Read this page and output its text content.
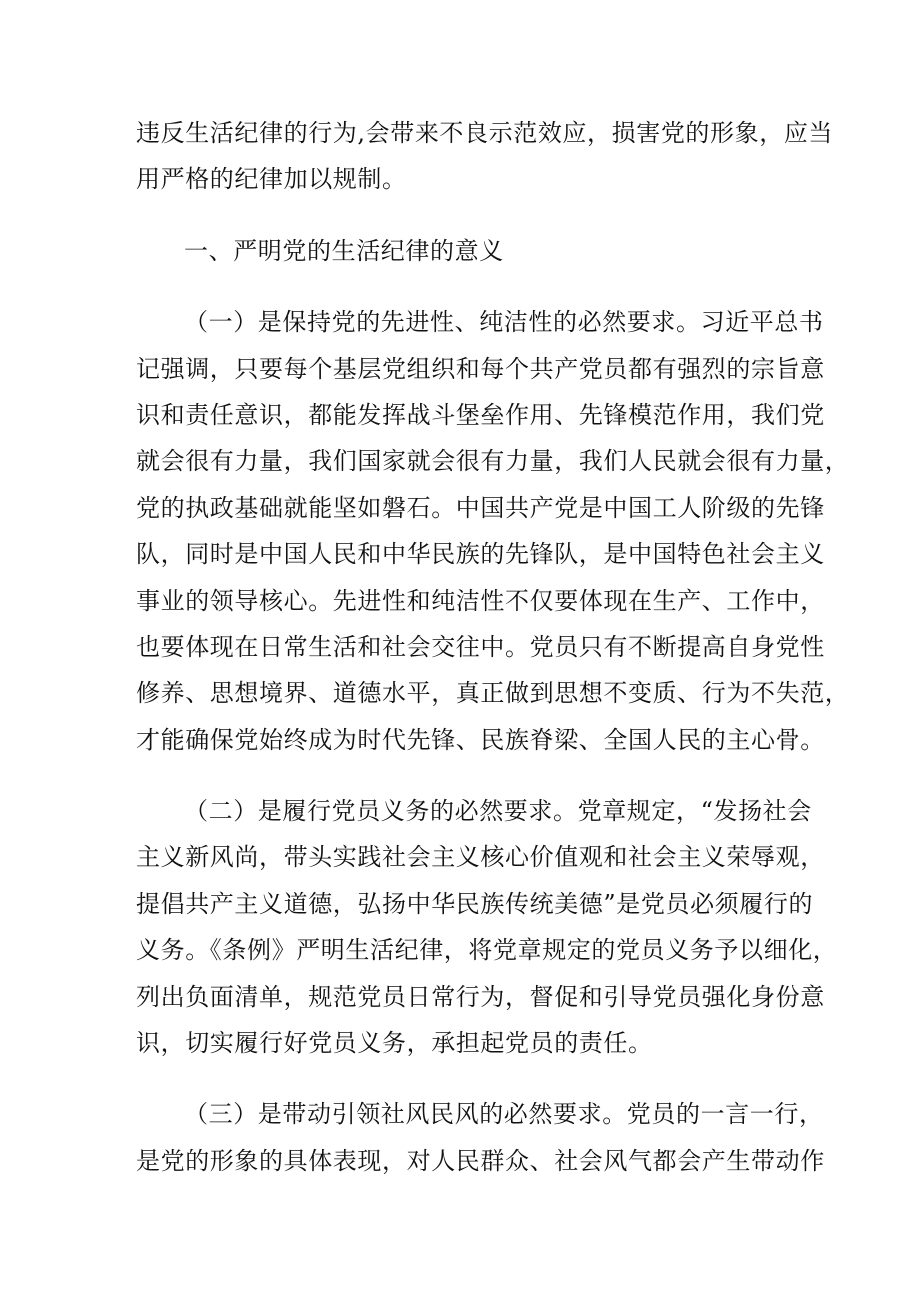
违反生活纪律的行为,会带来不良示范效应，损害党的形象，应当
用严格的纪律加以规制。
一、严明党的生活纪律的意义
（一）是保持党的先进性、纯洁性的必然要求。习近平总书
记强调，只要每个基层党组织和每个共产党员都有强烈的宗旨意
识和责任意识，都能发挥战斗堡垒作用、先锋模范作用，我们党
就会很有力量，我们国家就会很有力量，我们人民就会很有力量，
党的执政基础就能坚如磐石。中国共产党是中国工人阶级的先锋
队，同时是中国人民和中华民族的先锋队，是中国特色社会主义
事业的领导核心。先进性和纯洁性不仅要体现在生产、工作中，
也要体现在日常生活和社会交往中。党员只有不断提高自身党性
修养、思想境界、道德水平，真正做到思想不变质、行为不失范，
才能确保党始终成为时代先锋、民族脊梁、全国人民的主心骨。
（二）是履行党员义务的必然要求。党章规定，“发扬社会
主义新风尚，带头实践社会主义核心价值观和社会主义荣辱观，
提倡共产主义道德，弘扬中华民族传统美德”是党员必须履行的
义务。《条例》严明生活纪律，将党章规定的党员义务予以细化，
列出负面清单，规范党员日常行为，督促和引导党员强化身份意
识，切实履行好党员义务，承担起党员的责任。
（三）是带动引领社风民风的必然要求。党员的一言一行，
是党的形象的具体表现，对人民群众、社会风气都会产生带动作
